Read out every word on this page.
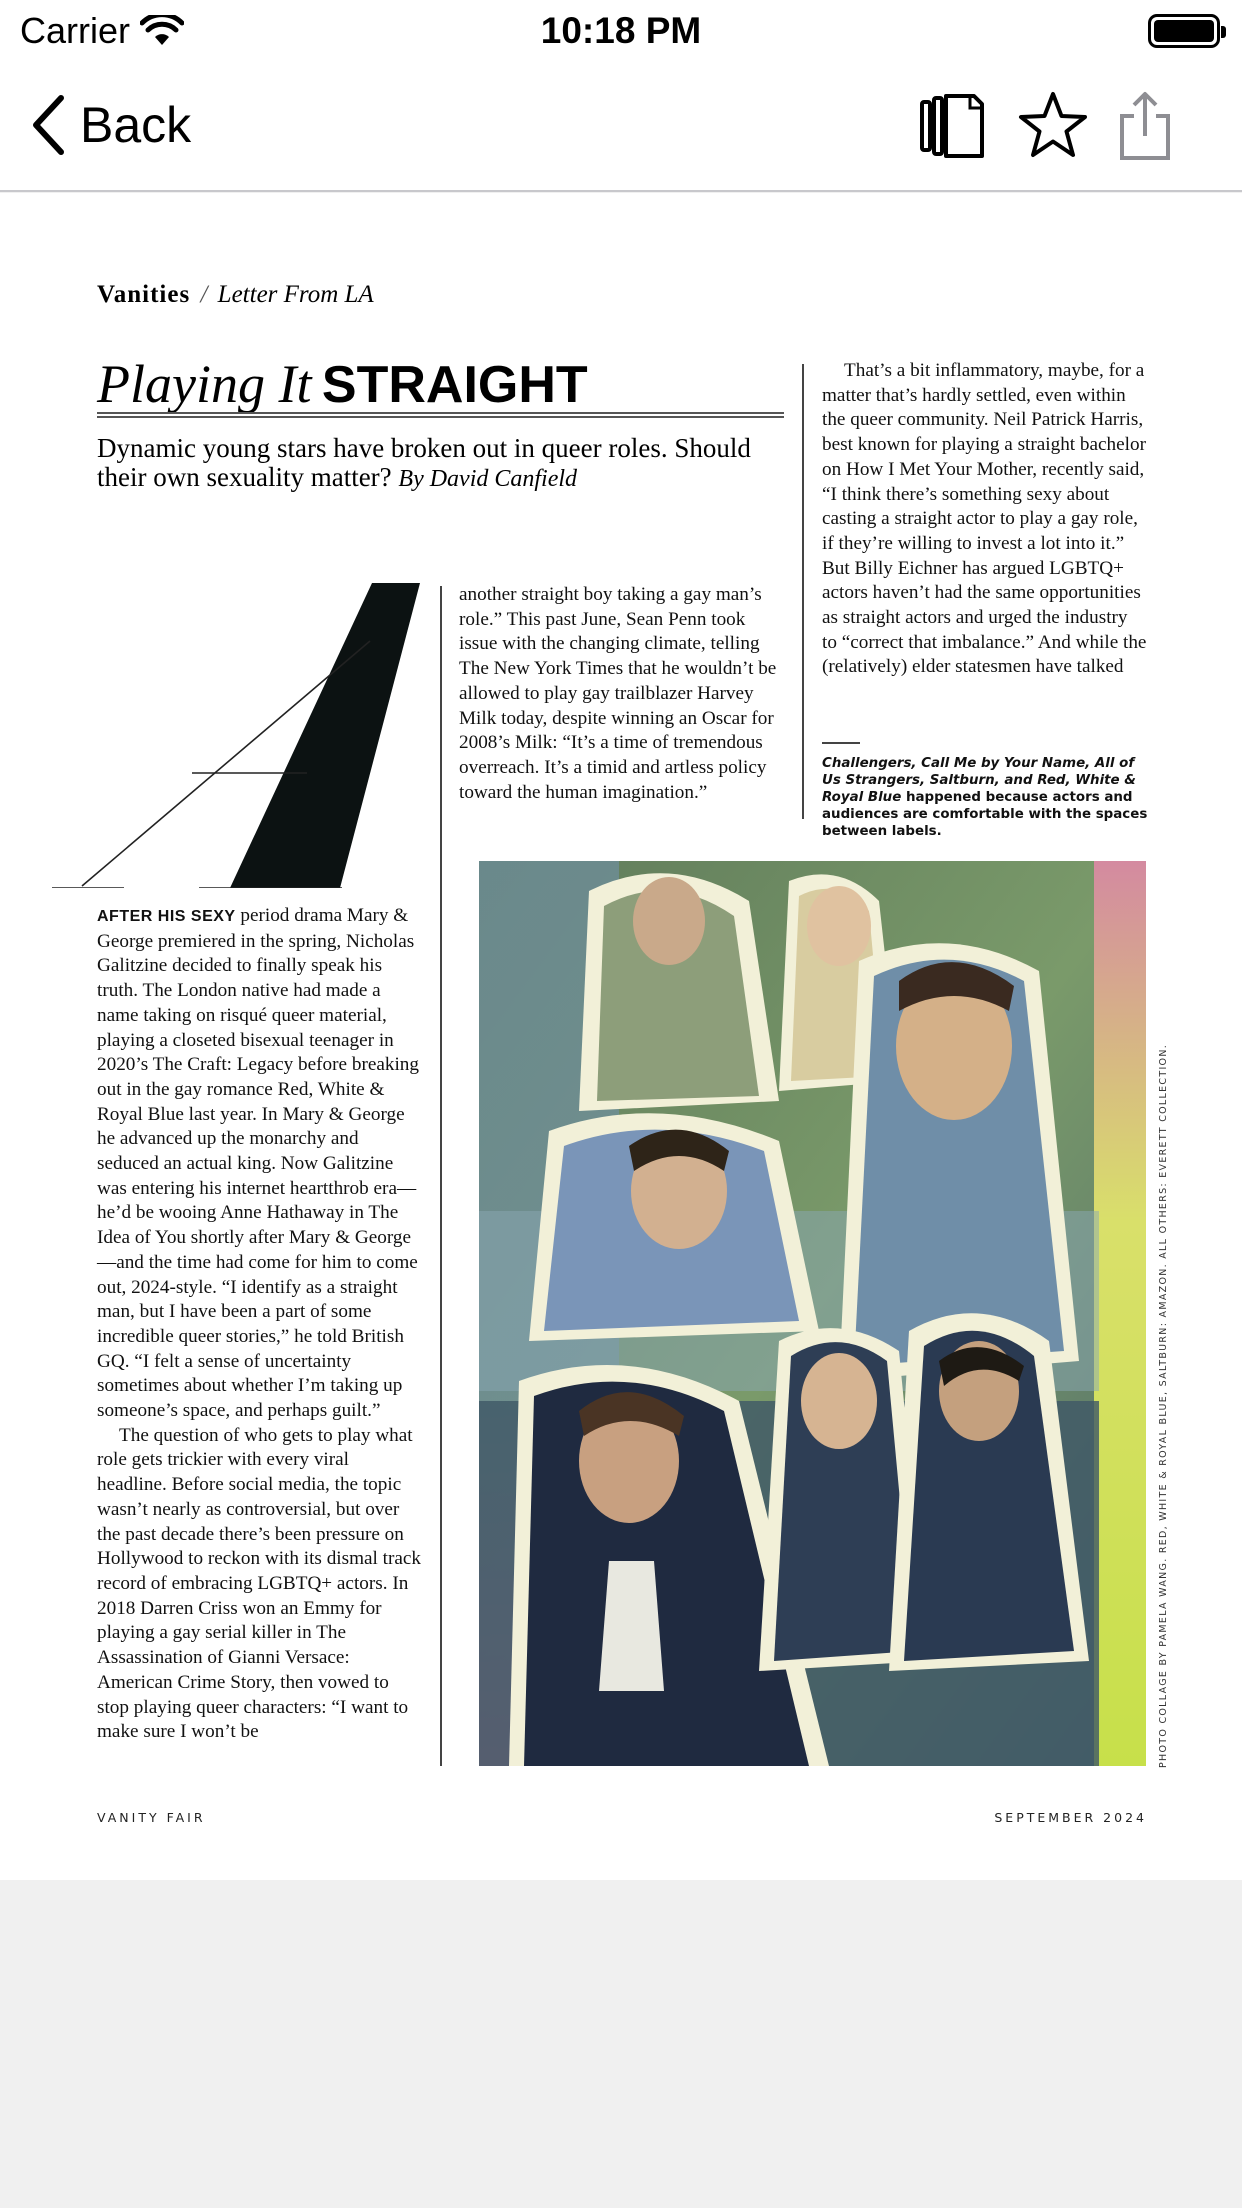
Carrier	10:18 PM
Back
Vanities / Letter From LA
Playing It STRAIGHT
Dynamic young stars have broken out in queer roles. Should their own sexuality matter? By David Canfield
AFTER HIS SEXY period drama Mary & George premiered in the spring, Nicholas Galitzine decided to finally speak his truth. The London native had made a name taking on risqué queer material, playing a closeted bisexual teenager in 2020’s The Craft: Legacy before breaking out in the gay romance Red, White & Royal Blue last year. In Mary & George he advanced up the monarchy and seduced an actual king. Now Galitzine was entering his internet heartthrob era—he’d be wooing Anne Hathaway in The Idea of You shortly after Mary & George—and the time had come for him to come out, 2024-style. “I identify as a straight man, but I have been a part of some incredible queer stories,” he told British GQ. “I felt a sense of uncertainty sometimes about whether I’m taking up someone’s space, and perhaps guilt.”
The question of who gets to play what role gets trickier with every viral headline. Before social media, the topic wasn’t nearly as controversial, but over the past decade there’s been pressure on Hollywood to reckon with its dismal track record of embracing LGBTQ+ actors. In 2018 Darren Criss won an Emmy for playing a gay serial killer in The Assassination of Gianni Versace: American Crime Story, then vowed to stop playing queer characters: “I want to make sure I won’t be
another straight boy taking a gay man’s role.” This past June, Sean Penn took issue with the changing climate, telling The New York Times that he wouldn’t be allowed to play gay trailblazer Harvey Milk today, despite winning an Oscar for 2008’s Milk: “It’s a time of tremendous overreach. It’s a timid and artless policy toward the human imagination.”
That’s a bit inflammatory, maybe, for a matter that’s hardly settled, even within the queer community. Neil Patrick Harris, best known for playing a straight bachelor on How I Met Your Mother, recently said, “I think there’s something sexy about casting a straight actor to play a gay role, if they’re willing to invest a lot into it.” But Billy Eichner has argued LGBTQ+ actors haven’t had the same opportunities as straight actors and urged the industry to “correct that imbalance.” And while the (relatively) elder statesmen have talked
Challengers, Call Me by Your Name, All of Us Strangers, Saltburn, and Red, White & Royal Blue happened because actors and audiences are comfortable with the spaces between labels.
PHOTO COLLAGE BY PAMELA WANG. RED, WHITE & ROYAL BLUE, SALTBURN: AMAZON. ALL OTHERS: EVERETT COLLECTION.
VANITY FAIR	SEPTEMBER 2024
